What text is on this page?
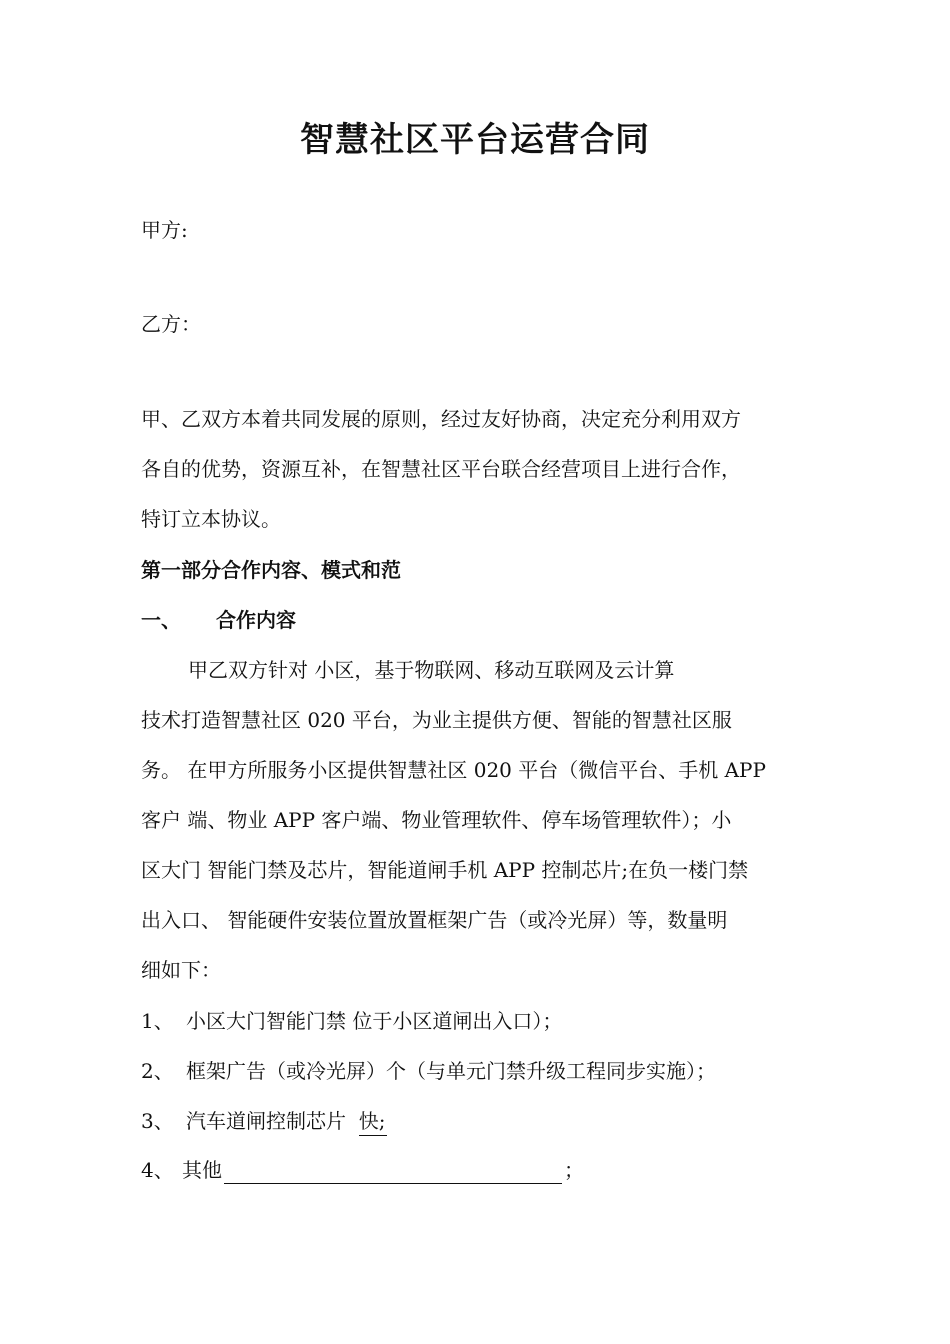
智慧社区平台运营合同
甲方:
乙方：
甲、乙双方本着共同发展的原则，经过友好协商，决定充分利用双方
各自的优势，资源互补，在智慧社区平台联合经营项目上进行合作，
特订立本协议。
第一部分合作内容、模式和范
一、 合作内容
甲乙双方针对 小区，基于物联网、移动互联网及云计算
技术打造智慧社区 020 平台，为业主提供方便、智能的智慧社区服
务。 在甲方所服务小区提供智慧社区 020 平台（微信平台、手机 APP
客户 端、物业 APP 客户端、物业管理软件、停车场管理软件）；小
区大门 智能门禁及芯片，智能道闸手机 APP 控制芯片;在负一楼门禁
出入口、 智能硬件安装位置放置框架广告（或冷光屏）等，数量明
细如下：
1、 小区大门智能门禁 位于小区道闸出入口）；
2、 框架广告（或冷光屏）个（与单元门禁升级工程同步实施）；
3、 汽车道闸控制芯片  快;
4、 其他	；
